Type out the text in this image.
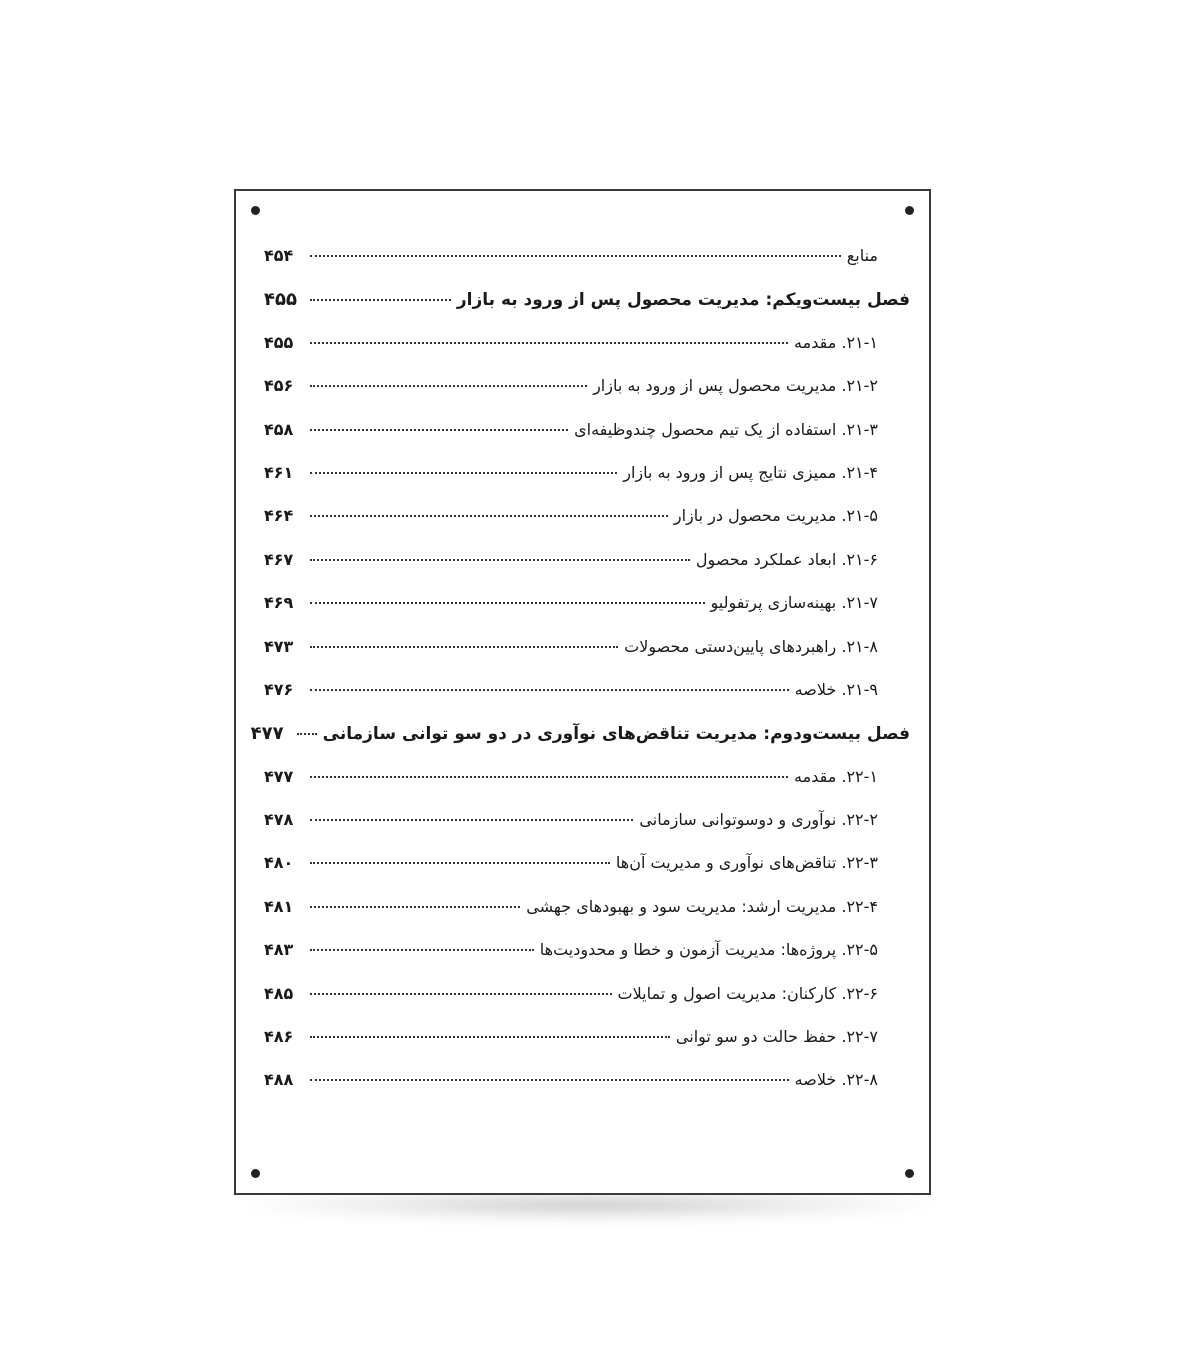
منابع
۴۵۴
فصل بیست‌ویکم: مدیریت محصول پس از ورود به بازار
۴۵۵
۲۱-۱. مقدمه
۴۵۵
۲۱-۲. مدیریت محصول پس از ورود به بازار
۴۵۶
۲۱-۳. استفاده از یک تیم محصول چندوظیفه‌ای
۴۵۸
۲۱-۴. ممیزی نتایج پس از ورود به بازار
۴۶۱
۲۱-۵. مدیریت محصول در بازار
۴۶۴
۲۱-۶. ابعاد عملکرد محصول
۴۶۷
۲۱-۷. بهینه‌سازی پرتفولیو
۴۶۹
۲۱-۸. راهبردهای پایین‌دستی محصولات
۴۷۳
۲۱-۹. خلاصه
۴۷۶
فصل بیست‌ودوم: مدیریت تناقض‌های نوآوری در دو سو توانی سازمانی
۴۷۷
۲۲-۱. مقدمه
۴۷۷
۲۲-۲. نوآوری و دوسوتوانی سازمانی
۴۷۸
۲۲-۳. تناقض‌های نوآوری و مدیریت آن‌ها
۴۸۰
۲۲-۴. مدیریت ارشد: مدیریت سود و بهبودهای جهشی
۴۸۱
۲۲-۵. پروژه‌ها: مدیریت آزمون و خطا و محدودیت‌ها
۴۸۳
۲۲-۶. کارکنان: مدیریت اصول و تمایلات
۴۸۵
۲۲-۷. حفظ حالت دو سو توانی
۴۸۶
۲۲-۸. خلاصه
۴۸۸
